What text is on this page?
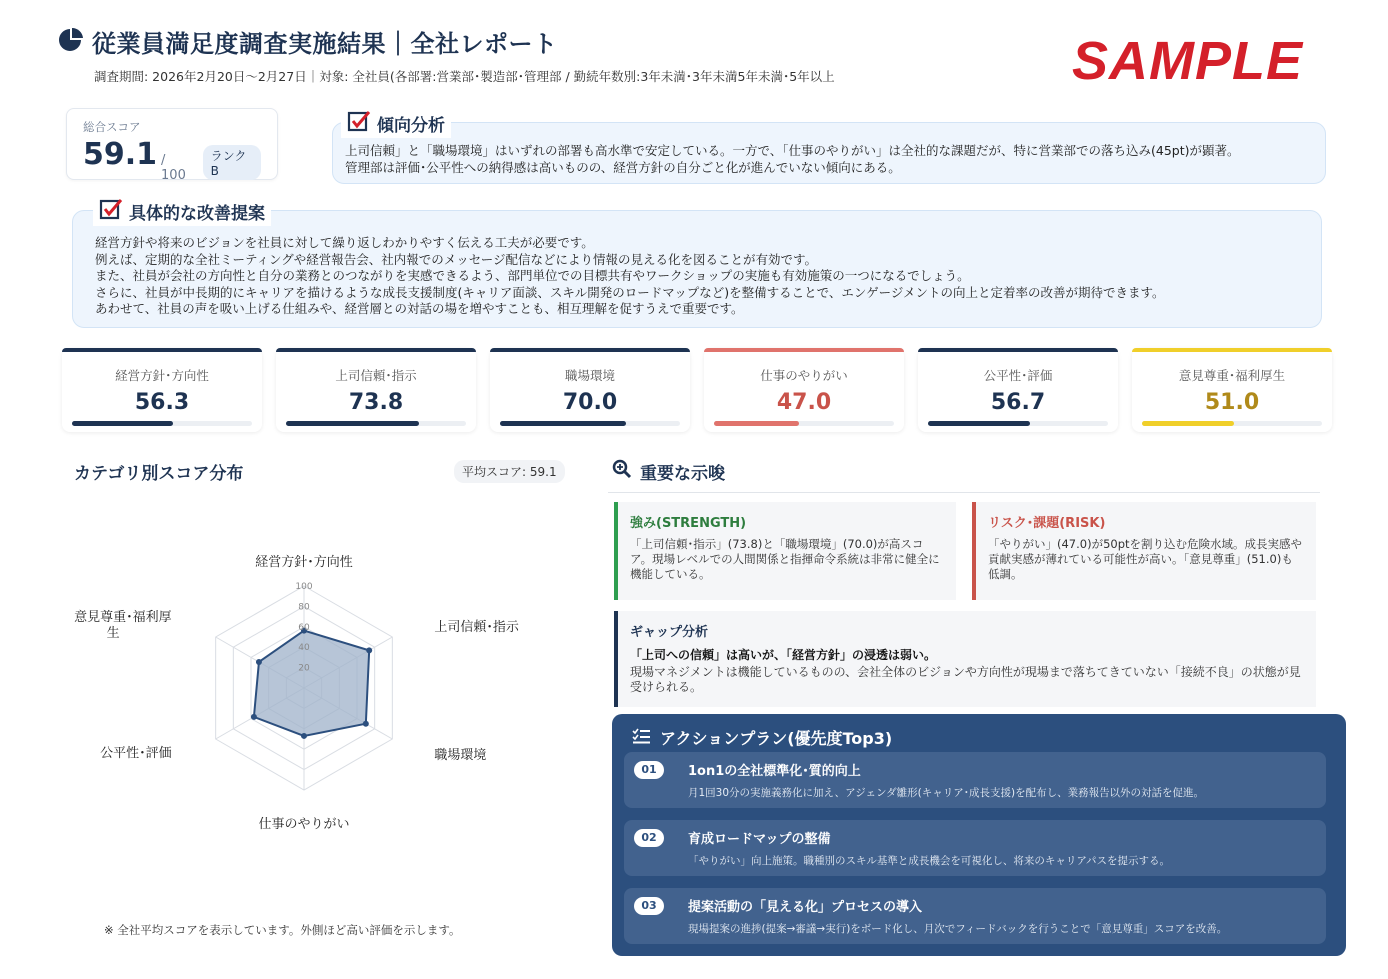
従業員満足度調査実施結果｜全社レポート
調査期間: 2026年2月20日～2月27日｜対象: 全社員(各部署:営業部･製造部･管理部 / 勤続年数別:3年未満･3年未満5年未満･5年以上	SAMPLE
総合スコア
59.1 / 100
ランク B
傾向分析
上司信頼」と「職場環境」はいずれの部署も高水準で安定している。一方で、「仕事のやりがい」は全社的な課題だが、特に営業部での落ち込み(45pt)が顕著。
管理部は評価･公平性への納得感は高いものの、経営方針の自分ごと化が進んでいない傾向にある。
具体的な改善提案
経営方針や将来のビジョンを社員に対して繰り返しわかりやすく伝える工夫が必要です。
例えば、定期的な全社ミーティングや経営報告会、社内報でのメッセージ配信などにより情報の見える化を図ることが有効です。
また、社員が会社の方向性と自分の業務とのつながりを実感できるよう、部門単位での目標共有やワークショップの実施も有効施策の一つになるでしょう。
さらに、社員が中長期的にキャリアを描けるような成長支援制度(キャリア面談、スキル開発のロードマップなど)を整備することで、エンゲージメントの向上と定着率の改善が期待できます。
あわせて、社員の声を吸い上げる仕組みや、経営層との対話の場を増やすことも、相互理解を促すうえで重要です。
経営方針･方向性
56.3
上司信頼･指示
73.8
職場環境
70.0
仕事のやりがい
47.0
公平性･評価
56.7
意見尊重･福利厚生
51.0
カテゴリ別スコア分布	平均スコア: 59.1
20
40
60
80
100
経営方針･方向性
上司信頼･指示
職場環境
仕事のやりがい
公平性･評価
意見尊重･福利厚生
※ 全社平均スコアを表示しています。外側ほど高い評価を示します。
重要な示唆
強み(STRENGTH)
「上司信頼･指示」(73.8)と「職場環境」(70.0)が高スコア。現場レベルでの人間関係と指揮命令系統は非常に健全に機能している。
リスク･課題(RISK)
「やりがい」(47.0)が50ptを割り込む危険水域。成長実感や貢献実感が薄れている可能性が高い。「意見尊重」(51.0)も低調。
ギャップ分析
「上司への信頼」は高いが、「経営方針」の浸透は弱い。
現場マネジメントは機能しているものの、会社全体のビジョンや方向性が現場まで落ちてきていない「接続不良」の状態が見受けられる。
アクションプラン(優先度Top3)
01	1on1の全社標準化･質的向上
月1回30分の実施義務化に加え、アジェンダ雛形(キャリア･成長支援)を配布し、業務報告以外の対話を促進。
02	育成ロードマップの整備
「やりがい」向上施策。職種別のスキル基準と成長機会を可視化し、将来のキャリアパスを提示する。
03	提案活動の「見える化」プロセスの導入
現場提案の進捗(提案→審議→実行)をボード化し、月次でフィードバックを行うことで「意見尊重」スコアを改善。
